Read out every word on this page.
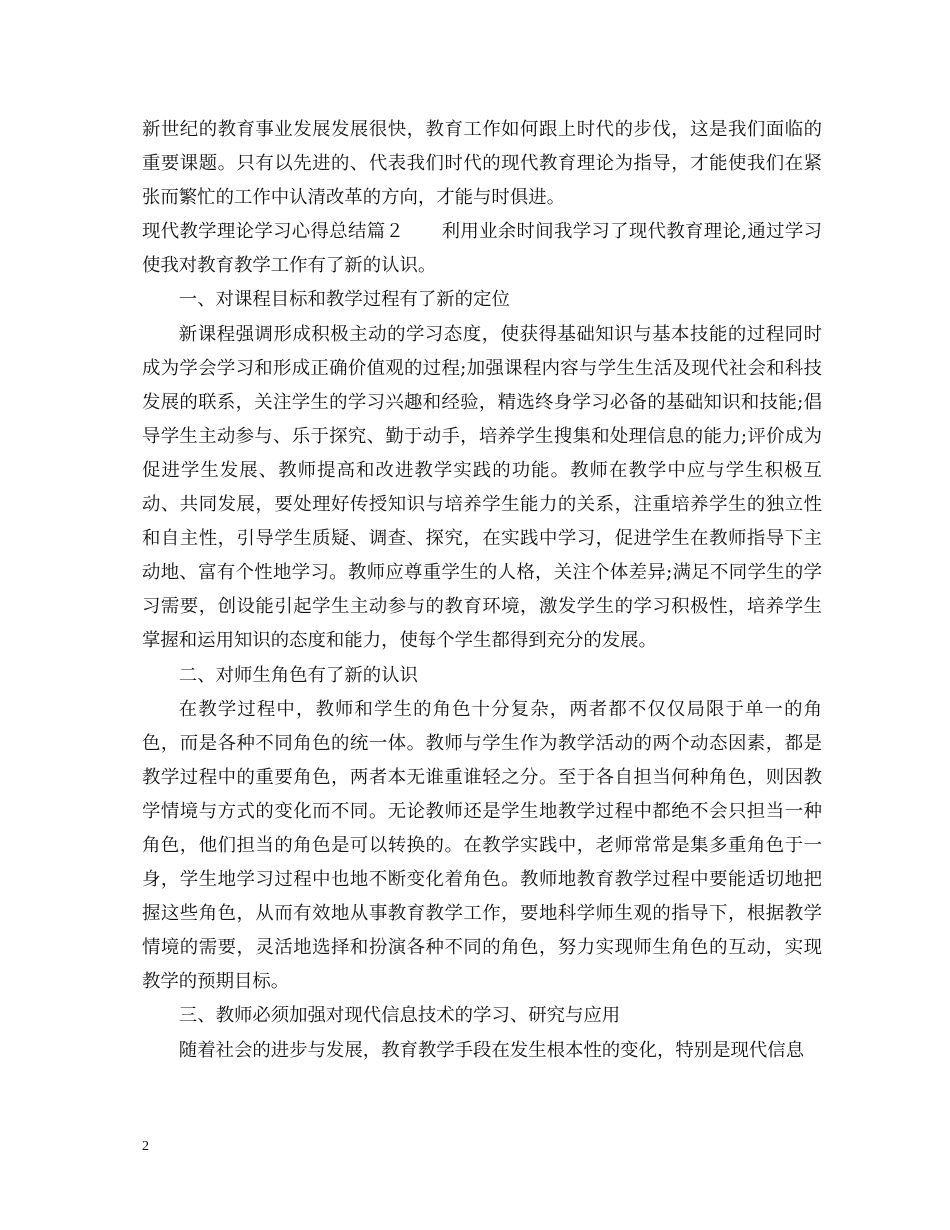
新世纪的教育事业发展发展很快，教育工作如何跟上时代的步伐，这是我们面临的重要课题。只有以先进的、代表我们时代的现代教育理论为指导，才能使我们在紧张而繁忙的工作中认清改革的方向，才能与时俱进。

现代教学理论学习心得总结篇２　　利用业余时间我学习了现代教育理论,通过学习使我对教育教学工作有了新的认识。

一、对课程目标和教学过程有了新的定位

新课程强调形成积极主动的学习态度，使获得基础知识与基本技能的过程同时成为学会学习和形成正确价值观的过程;加强课程内容与学生生活及现代社会和科技发展的联系，关注学生的学习兴趣和经验，精选终身学习必备的基础知识和技能;倡导学生主动参与、乐于探究、勤于动手，培养学生搜集和处理信息的能力;评价成为促进学生发展、教师提高和改进教学实践的功能。教师在教学中应与学生积极互动、共同发展，要处理好传授知识与培养学生能力的关系，注重培养学生的独立性和自主性，引导学生质疑、调查、探究，在实践中学习，促进学生在教师指导下主动地、富有个性地学习。教师应尊重学生的人格，关注个体差异;满足不同学生的学习需要，创设能引起学生主动参与的教育环境，激发学生的学习积极性，培养学生掌握和运用知识的态度和能力，使每个学生都得到充分的发展。

二、对师生角色有了新的认识

在教学过程中，教师和学生的角色十分复杂，两者都不仅仅局限于单一的角色，而是各种不同角色的统一体。教师与学生作为教学活动的两个动态因素，都是教学过程中的重要角色，两者本无谁重谁轻之分。至于各自担当何种角色，则因教学情境与方式的变化而不同。无论教师还是学生地教学过程中都绝不会只担当一种角色，他们担当的角色是可以转换的。在教学实践中，老师常常是集多重角色于一身，学生地学习过程中也地不断变化着角色。教师地教育教学过程中要能适切地把握这些角色，从而有效地从事教育教学工作，要地科学师生观的指导下，根据教学情境的需要，灵活地选择和扮演各种不同的角色，努力实现师生角色的互动，实现教学的预期目标。

三、教师必须加强对现代信息技术的学习、研究与应用

随着社会的进步与发展，教育教学手段在发生根本性的变化，特别是现代信息

2
